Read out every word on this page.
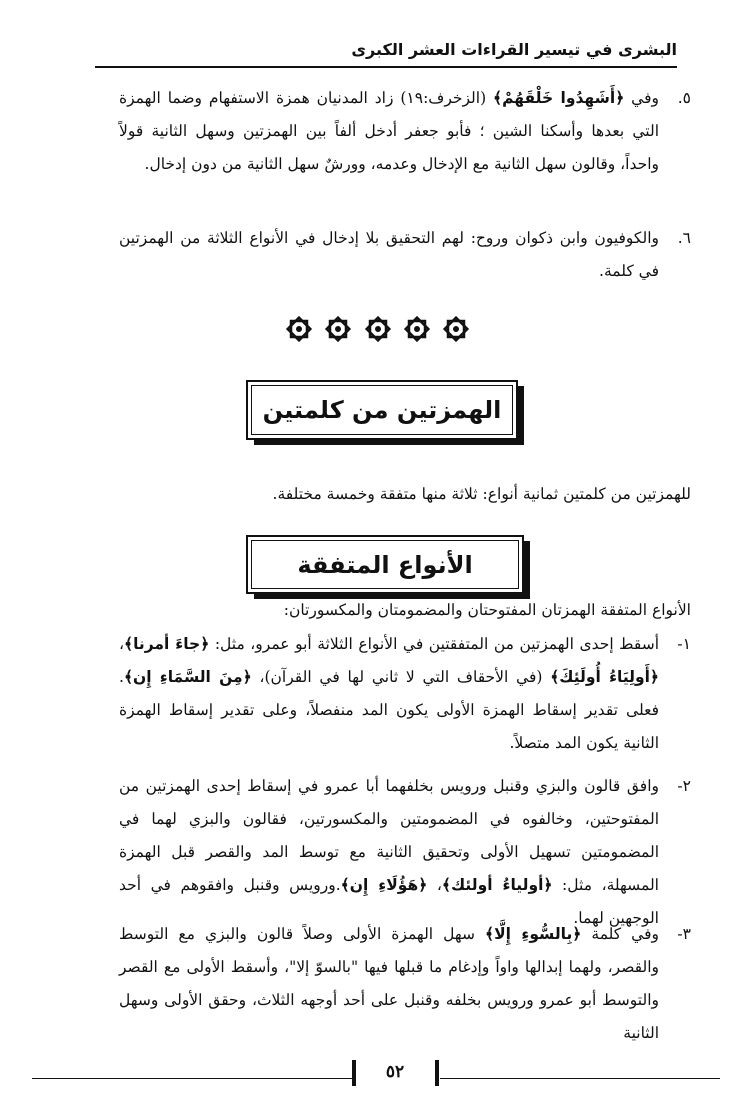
البشرى في تيسير القراءات العشر الكبرى
٥.
وفي ﴿أَشَهِدُوا خَلْقَهُمْ﴾ (الزخرف:١٩) زاد المدنيان همزة الاستفهام وضما الهمزة التي بعدها وأسكنا الشين ؛ فأبو جعفر أدخل ألفاً بين الهمزتين وسهل الثانية قولاً واحداً، وقالون سهل الثانية مع الإدخال وعدمه، وورشٌ سهل الثانية من دون إدخال.
٦.
والكوفيون وابن ذكوان وروح: لهم التحقيق بلا إدخال في الأنواع الثلاثة من الهمزتين في كلمة.

الهمزتين من كلمتين
للهمزتين من كلمتين ثمانية أنواع: ثلاثة منها متفقة وخمسة مختلفة.
الأنواع المتفقة
الأنواع المتفقة الهمزتان المفتوحتان والمضمومتان والمكسورتان:
١-
أسقط إحدى الهمزتين من المتفقتين في الأنواع الثلاثة أبو عمرو، مثل: ﴿جاءَ أمرنا﴾، ﴿أَولِيَاءُ أُولَئِكَ﴾ (في الأحقاف التي لا ثاني لها في القرآن)، ﴿مِنَ السَّمَاءِ إِن﴾. فعلى تقدير إسقاط الهمزة الأولى يكون المد منفصلاً، وعلى تقدير إسقاط الهمزة الثانية يكون المد متصلاً.
٢-
وافق قالون والبزي وقنبل ورويس بخلفهما أبا عمرو في إسقاط إحدى الهمزتين من المفتوحتين، وخالفوه في المضمومتين والمكسورتين، فقالون والبزي لهما في المضمومتين تسهيل الأولى وتحقيق الثانية مع توسط المد والقصر قبل الهمزة المسهلة، مثل: ﴿أولياءُ أولئك﴾، ﴿هَؤُلَاءِ إِن﴾.ورويس وقنبل وافقوهم في أحد الوجهين لهما.
٣-
وفي كلمة ﴿بِالسُّوءِ إِلَّا﴾ سهل الهمزة الأولى وصلاً قالون والبزي مع التوسط والقصر، ولهما إبدالها واواً وإدغام ما قبلها فيها "بالسوّ إلا"، وأسقط الأولى مع القصر والتوسط أبو عمرو ورويس بخلفه وقنبل على أحد أوجهه الثلاث، وحقق الأولى وسهل الثانية
٥٢
